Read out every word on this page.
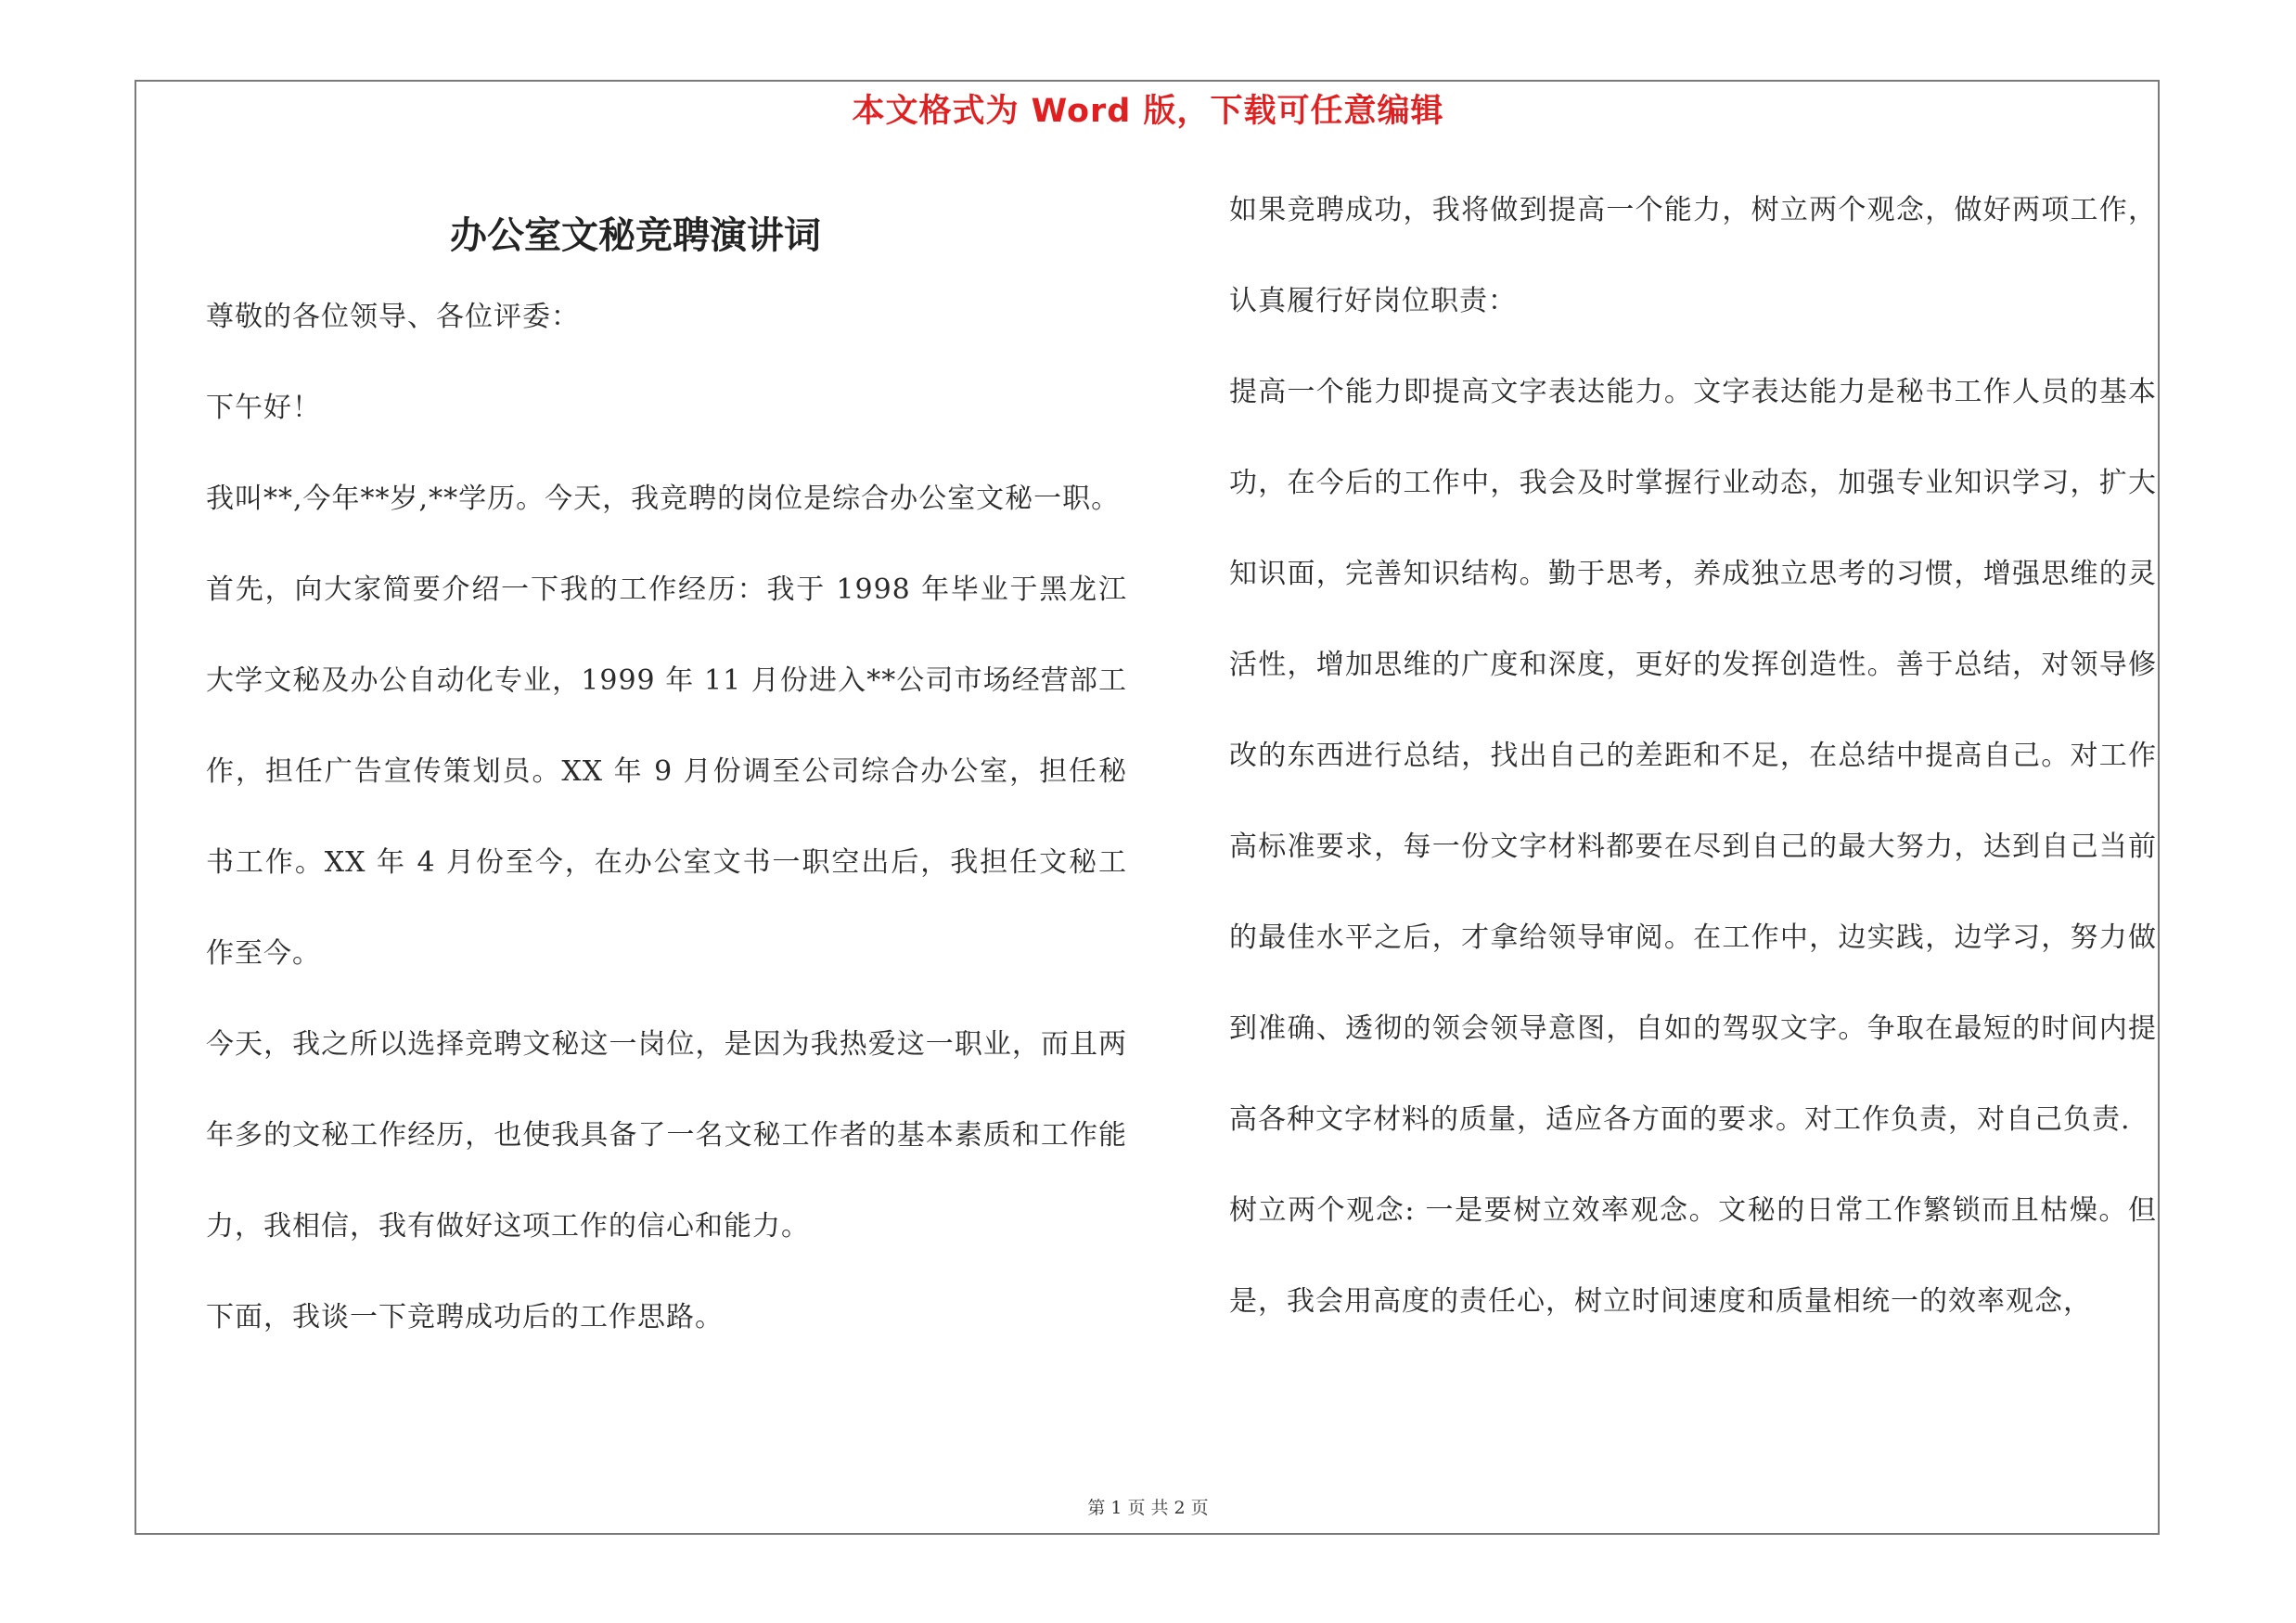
本文格式为 Word 版，下载可任意编辑
办公室文秘竞聘演讲词

尊敬的各位领导、各位评委：

下午好！

我叫**,今年**岁,**学历。今天，我竞聘的岗位是综合办公室文秘一职。

首先，向大家简要介绍一下我的工作经历：我于 1998 年毕业于黑龙江大学文秘及办公自动化专业，1999 年 11 月份进入**公司市场经营部工作，担任广告宣传策划员。XX 年 9 月份调至公司综合办公室，担任秘书工作。XX 年 4 月份至今，在办公室文书一职空出后，我担任文秘工作至今。

今天，我之所以选择竞聘文秘这一岗位，是因为我热爱这一职业，而且两年多的文秘工作经历，也使我具备了一名文秘工作者的基本素质和工作能力，我相信，我有做好这项工作的信心和能力。

下面，我谈一下竞聘成功后的工作思路。

如果竞聘成功，我将做到提高一个能力，树立两个观念，做好两项工作，认真履行好岗位职责：

提高一个能力即提高文字表达能力。文字表达能力是秘书工作人员的基本功，在今后的工作中，我会及时掌握行业动态，加强专业知识学习，扩大知识面，完善知识结构。勤于思考，养成独立思考的习惯，增强思维的灵活性，增加思维的广度和深度，更好的发挥创造性。善于总结，对领导修改的东西进行总结，找出自己的差距和不足，在总结中提高自己。对工作高标准要求，每一份文字材料都要在尽到自己的最大努力，达到自己当前的最佳水平之后，才拿给领导审阅。在工作中，边实践，边学习，努力做到准确、透彻的领会领导意图，自如的驾驭文字。争取在最短的时间内提高各种文字材料的质量，适应各方面的要求。对工作负责，对自己负责.

树立两个观念: 一是要树立效率观念。文秘的日常工作繁锁而且枯燥。但是，我会用高度的责任心，树立时间速度和质量相统一的效率观念，

第 1 页 共 2 页
